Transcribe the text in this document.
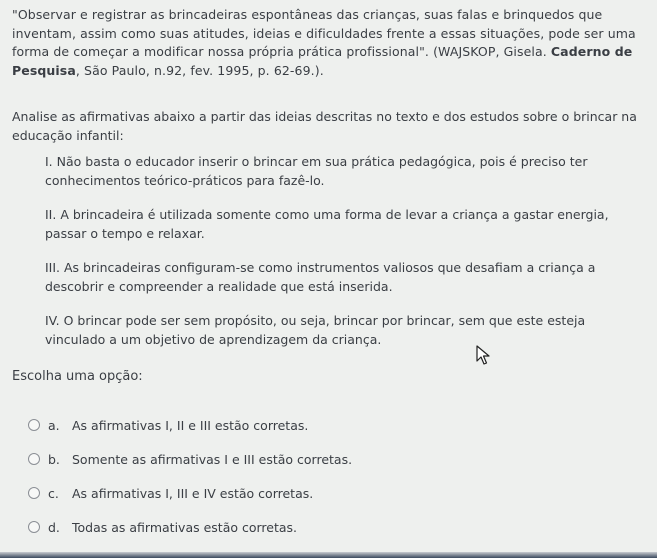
"Observar e registrar as brincadeiras espontâneas das crianças, suas falas e brinquedos que inventam, assim como suas atitudes, ideias e dificuldades frente a essas situações, pode ser uma forma de começar a modificar nossa própria prática profissional". (WAJSKOP, Gisela. Caderno de Pesquisa, São Paulo, n.92, fev. 1995, p. 62-69.).
Analise as afirmativas abaixo a partir das ideias descritas no texto e dos estudos sobre o brincar na educação infantil:
I. Não basta o educador inserir o brincar em sua prática pedagógica, pois é preciso ter conhecimentos teórico-práticos para fazê-lo.
II. A brincadeira é utilizada somente como uma forma de levar a criança a gastar energia, passar o tempo e relaxar.
III. As brincadeiras configuram-se como instrumentos valiosos que desafiam a criança a descobrir e compreender a realidade que está inserida.
IV. O brincar pode ser sem propósito, ou seja, brincar por brincar, sem que este esteja vinculado a um objetivo de aprendizagem da criança.
Escolha uma opção:
a. As afirmativas I, II e III estão corretas.
b. Somente as afirmativas I e III estão corretas.
c.	As afirmativas I, III e IV estão corretas.
d. Todas as afirmativas estão corretas.
